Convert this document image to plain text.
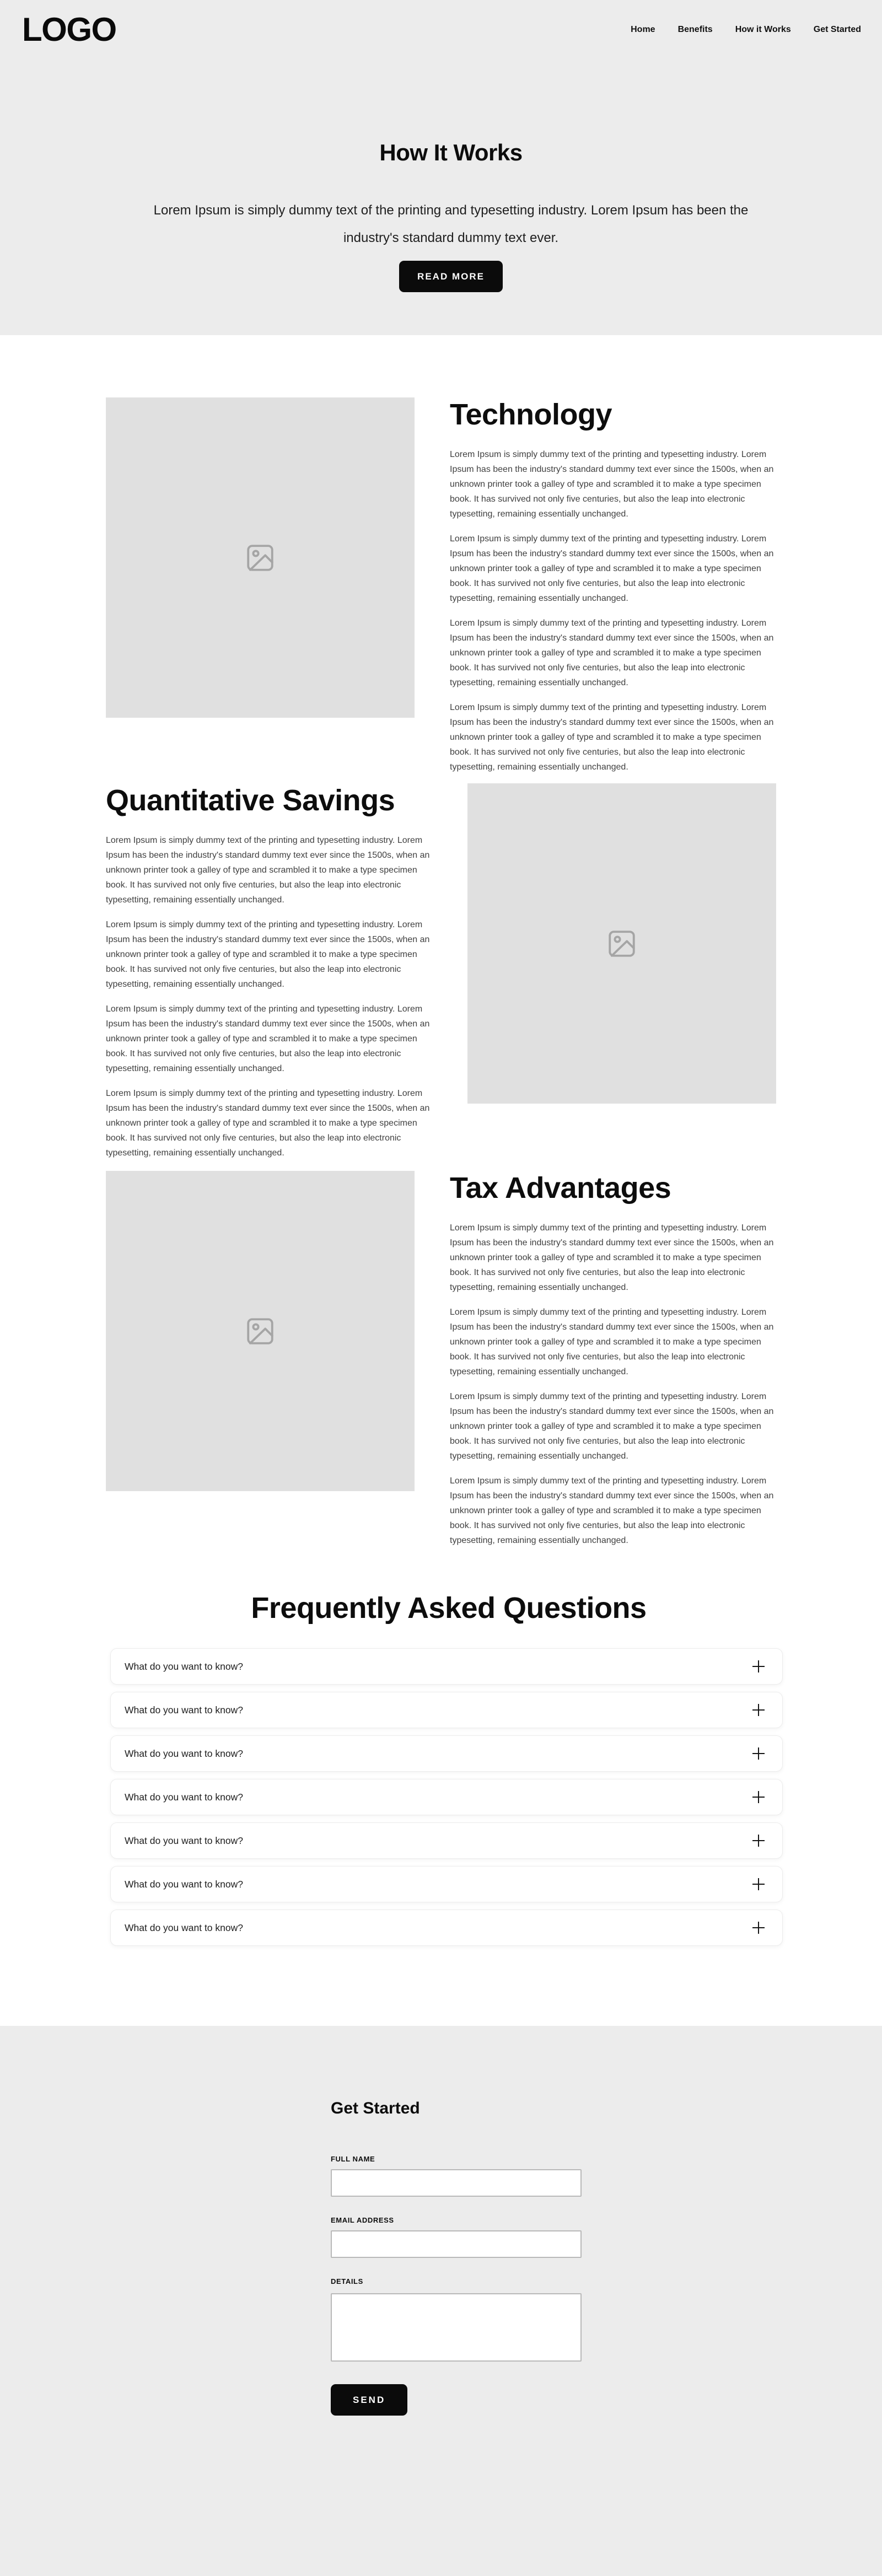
LOGO	Home	Benefits	How it Works	Get Started
How It Works

Lorem Ipsum is simply dummy text of the printing and typesetting industry. Lorem Ipsum has been the industry's standard dummy text ever.

READ MORE
Technology

Lorem Ipsum is simply dummy text of the printing and typesetting industry. Lorem Ipsum has been the industry's standard dummy text ever since the 1500s, when an unknown printer took a galley of type and scrambled it to make a type specimen book. It has survived not only five centuries, but also the leap into electronic typesetting, remaining essentially unchanged.

Lorem Ipsum is simply dummy text of the printing and typesetting industry. Lorem Ipsum has been the industry's standard dummy text ever since the 1500s, when an unknown printer took a galley of type and scrambled it to make a type specimen book. It has survived not only five centuries, but also the leap into electronic typesetting, remaining essentially unchanged.

Lorem Ipsum is simply dummy text of the printing and typesetting industry. Lorem Ipsum has been the industry's standard dummy text ever since the 1500s, when an unknown printer took a galley of type and scrambled it to make a type specimen book. It has survived not only five centuries, but also the leap into electronic typesetting, remaining essentially unchanged.

Lorem Ipsum is simply dummy text of the printing and typesetting industry. Lorem Ipsum has been the industry's standard dummy text ever since the 1500s, when an unknown printer took a galley of type and scrambled it to make a type specimen book. It has survived not only five centuries, but also the leap into electronic typesetting, remaining essentially unchanged.

Quantitative Savings

Lorem Ipsum is simply dummy text of the printing and typesetting industry. Lorem Ipsum has been the industry's standard dummy text ever since the 1500s, when an unknown printer took a galley of type and scrambled it to make a type specimen book. It has survived not only five centuries, but also the leap into electronic typesetting, remaining essentially unchanged.

Lorem Ipsum is simply dummy text of the printing and typesetting industry. Lorem Ipsum has been the industry's standard dummy text ever since the 1500s, when an unknown printer took a galley of type and scrambled it to make a type specimen book. It has survived not only five centuries, but also the leap into electronic typesetting, remaining essentially unchanged.

Lorem Ipsum is simply dummy text of the printing and typesetting industry. Lorem Ipsum has been the industry's standard dummy text ever since the 1500s, when an unknown printer took a galley of type and scrambled it to make a type specimen book. It has survived not only five centuries, but also the leap into electronic typesetting, remaining essentially unchanged.

Lorem Ipsum is simply dummy text of the printing and typesetting industry. Lorem Ipsum has been the industry's standard dummy text ever since the 1500s, when an unknown printer took a galley of type and scrambled it to make a type specimen book. It has survived not only five centuries, but also the leap into electronic typesetting, remaining essentially unchanged.

Tax Advantages

Lorem Ipsum is simply dummy text of the printing and typesetting industry. Lorem Ipsum has been the industry's standard dummy text ever since the 1500s, when an unknown printer took a galley of type and scrambled it to make a type specimen book. It has survived not only five centuries, but also the leap into electronic typesetting, remaining essentially unchanged.

Lorem Ipsum is simply dummy text of the printing and typesetting industry. Lorem Ipsum has been the industry's standard dummy text ever since the 1500s, when an unknown printer took a galley of type and scrambled it to make a type specimen book. It has survived not only five centuries, but also the leap into electronic typesetting, remaining essentially unchanged.

Lorem Ipsum is simply dummy text of the printing and typesetting industry. Lorem Ipsum has been the industry's standard dummy text ever since the 1500s, when an unknown printer took a galley of type and scrambled it to make a type specimen book. It has survived not only five centuries, but also the leap into electronic typesetting, remaining essentially unchanged.

Lorem Ipsum is simply dummy text of the printing and typesetting industry. Lorem Ipsum has been the industry's standard dummy text ever since the 1500s, when an unknown printer took a galley of type and scrambled it to make a type specimen book. It has survived not only five centuries, but also the leap into electronic typesetting, remaining essentially unchanged.

Frequently Asked Questions
What do you want to know?
What do you want to know?
What do you want to know?
What do you want to know?
What do you want to know?
What do you want to know?
What do you want to know?
Get Started
FULL NAME
EMAIL ADDRESS
DETAILS
SEND
